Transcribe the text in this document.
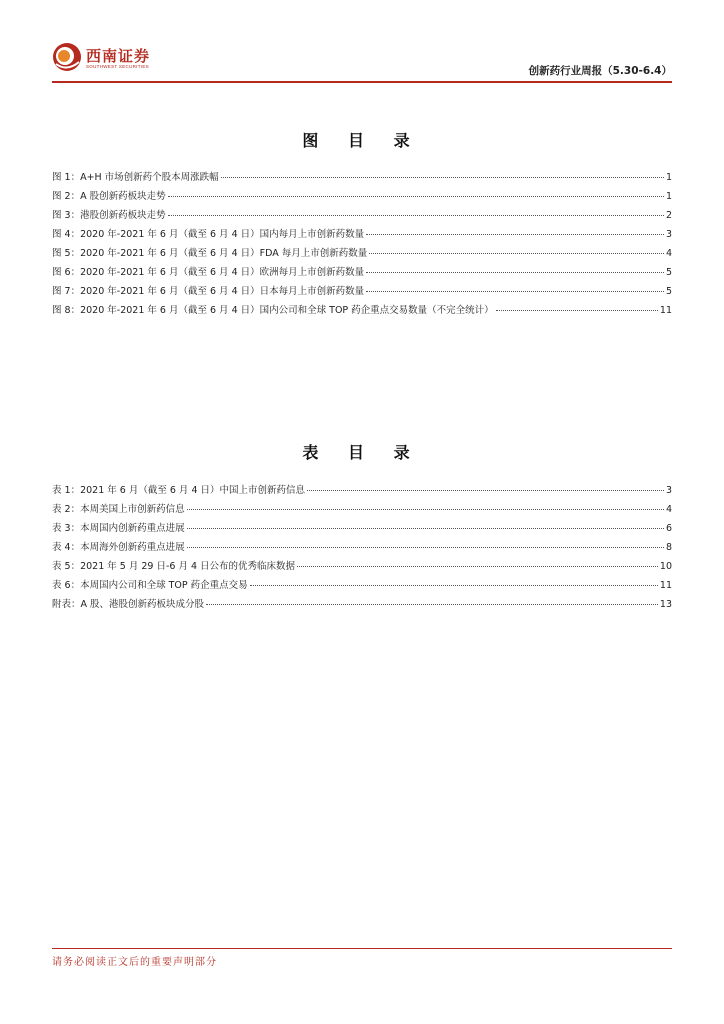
西南证券
SOUTHWEST SECURITIES	创新药行业周报（5.30-6.4）
图 目 录
图 1：A+H 市场创新药个股本周涨跌幅	1
图 2：A 股创新药板块走势	1
图 3：港股创新药板块走势	2
图 4：2020 年-2021 年 6 月（截至 6 月 4 日）国内每月上市创新药数量	3
图 5：2020 年-2021 年 6 月（截至 6 月 4 日）FDA 每月上市创新药数量	4
图 6：2020 年-2021 年 6 月（截至 6 月 4 日）欧洲每月上市创新药数量	5
图 7：2020 年-2021 年 6 月（截至 6 月 4 日）日本每月上市创新药数量	5
图 8：2020 年-2021 年 6 月（截至 6 月 4 日）国内公司和全球 TOP 药企重点交易数量（不完全统计）	11
表 目 录
表 1：2021 年 6 月（截至 6 月 4 日）中国上市创新药信息	3
表 2：本周美国上市创新药信息	4
表 3：本周国内创新药重点进展	6
表 4：本周海外创新药重点进展	8
表 5：2021 年 5 月 29 日-6 月 4 日公布的优秀临床数据	10
表 6：本周国内公司和全球 TOP 药企重点交易	11
附表：A 股、港股创新药板块成分股	13
请务必阅读正文后的重要声明部分
